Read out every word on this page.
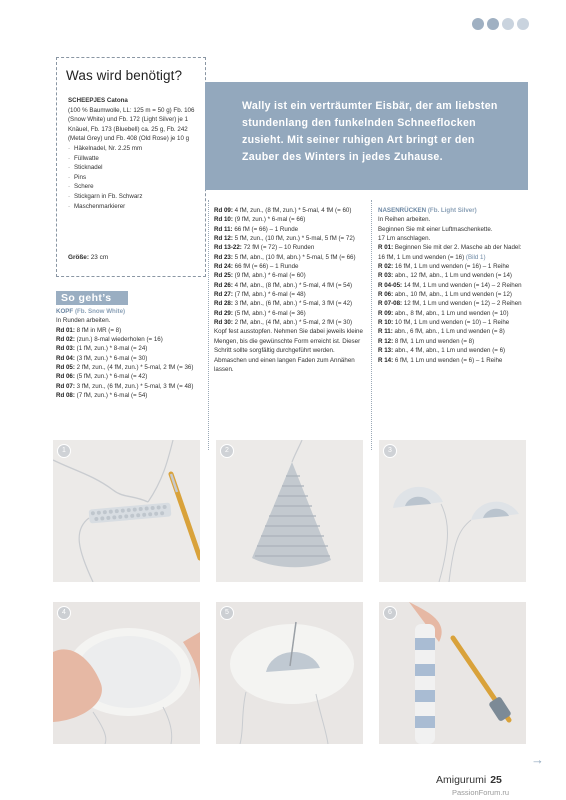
Was wird benötigt?
SCHEEPJES Catona
(100 % Baumwolle, LL: 125 m = 50 g) Fb. 106 (Snow White) und Fb. 172 (Light Silver) je 1 Knäuel, Fb. 173 (Bluebell) ca. 25 g, Fb. 242 (Metal Grey) und Fb. 408 (Old Rose) je 10 g
· Häkelnadel, Nr. 2.25 mm
· Füllwatte
· Sticknadel
· Pins
· Schere
· Stickgarn in Fb. Schwarz
· Maschenmarkierer
Größe: 23 cm
Wally ist ein verträumter Eisbär, der am liebsten stundenlang den funkelnden Schneeflocken zusieht. Mit seiner ruhigen Art bringt er den Zauber des Winters in jedes Zuhause.
So geht’s
KOPF (Fb. Snow White)
In Runden arbeiten.
Rd 01: 8 fM in MR (= 8)
Rd 02: (zun.) 8-mal wiederholen (= 16)
Rd 03: (1 fM, zun.) * 8-mal (= 24)
Rd 04: (3 fM, zun.) * 6-mal (= 30)
Rd 05: 2 fM, zun., (4 fM, zun.) * 5-mal, 2 fM (= 36)
Rd 06: (5 fM, zun.) * 6-mal (= 42)
Rd 07: 3 fM, zun., (6 fM, zun.) * 5-mal, 3 fM (= 48)
Rd 08: (7 fM, zun.) * 6-mal (= 54)
Rd 09: 4 fM, zun., (8 fM, zun.) * 5-mal, 4 fM (= 60)
Rd 10: (9 fM, zun.) * 6-mal (= 66)
Rd 11: 66 fM (= 66) – 1 Runde
Rd 12: 5 fM, zun., (10 fM, zun.) * 5-mal, 5 fM (= 72)
Rd 13-22: 72 fM (= 72) – 10 Runden
Rd 23: 5 fM, abn., (10 fM, abn.) * 5-mal, 5 fM (= 66)
Rd 24: 66 fM (= 66) – 1 Runde
Rd 25: (9 fM, abn.) * 6-mal (= 60)
Rd 26: 4 fM, abn., (8 fM, abn.) * 5-mal, 4 fM (= 54)
Rd 27: (7 fM, abn.) * 6-mal (= 48)
Rd 28: 3 fM, abn., (6 fM, abn.) * 5-mal, 3 fM (= 42)
Rd 29: (5 fM, abn.) * 6-mal (= 36)
Rd 30: 2 fM, abn., (4 fM, abn.) * 5-mal, 2 fM (= 30)
Kopf fest ausstopfen. Nehmen Sie dabei jeweils kleine Mengen, bis die gewünschte Form erreicht ist. Dieser Schritt sollte sorgfältig durchgeführt werden.
Abmaschen und einen langen Faden zum Annähen lassen.
NASENRÜCKEN (Fb. Light Silver)
In Reihen arbeiten.
Beginnen Sie mit einer Luftmaschenkette.
17 Lm anschlagen.
R 01: Beginnen Sie mit der 2. Masche ab der Nadel: 16 fM, 1 Lm und wenden (= 16) (Bild 1)
R 02: 16 fM, 1 Lm und wenden (= 16) – 1 Reihe
R 03: abn., 12 fM, abn., 1 Lm und wenden (= 14)
R 04-05: 14 fM, 1 Lm und wenden (= 14) – 2 Reihen
R 06: abn., 10 fM, abn., 1 Lm und wenden (= 12)
R 07-08: 12 fM, 1 Lm und wenden (= 12) – 2 Reihen
R 09: abn., 8 fM, abn., 1 Lm und wenden (= 10)
R 10: 10 fM, 1 Lm und wenden (= 10) – 1 Reihe
R 11: abn., 6 fM, abn., 1 Lm und wenden (= 8)
R 12: 8 fM, 1 Lm und wenden (= 8)
R 13: abn., 4 fM, abn., 1 Lm und wenden (= 6)
R 14: 6 fM, 1 Lm und wenden (= 6) – 1 Reihe
1	2	3
4	5	6
→
Amigurumi 25
PassionForum.ru
